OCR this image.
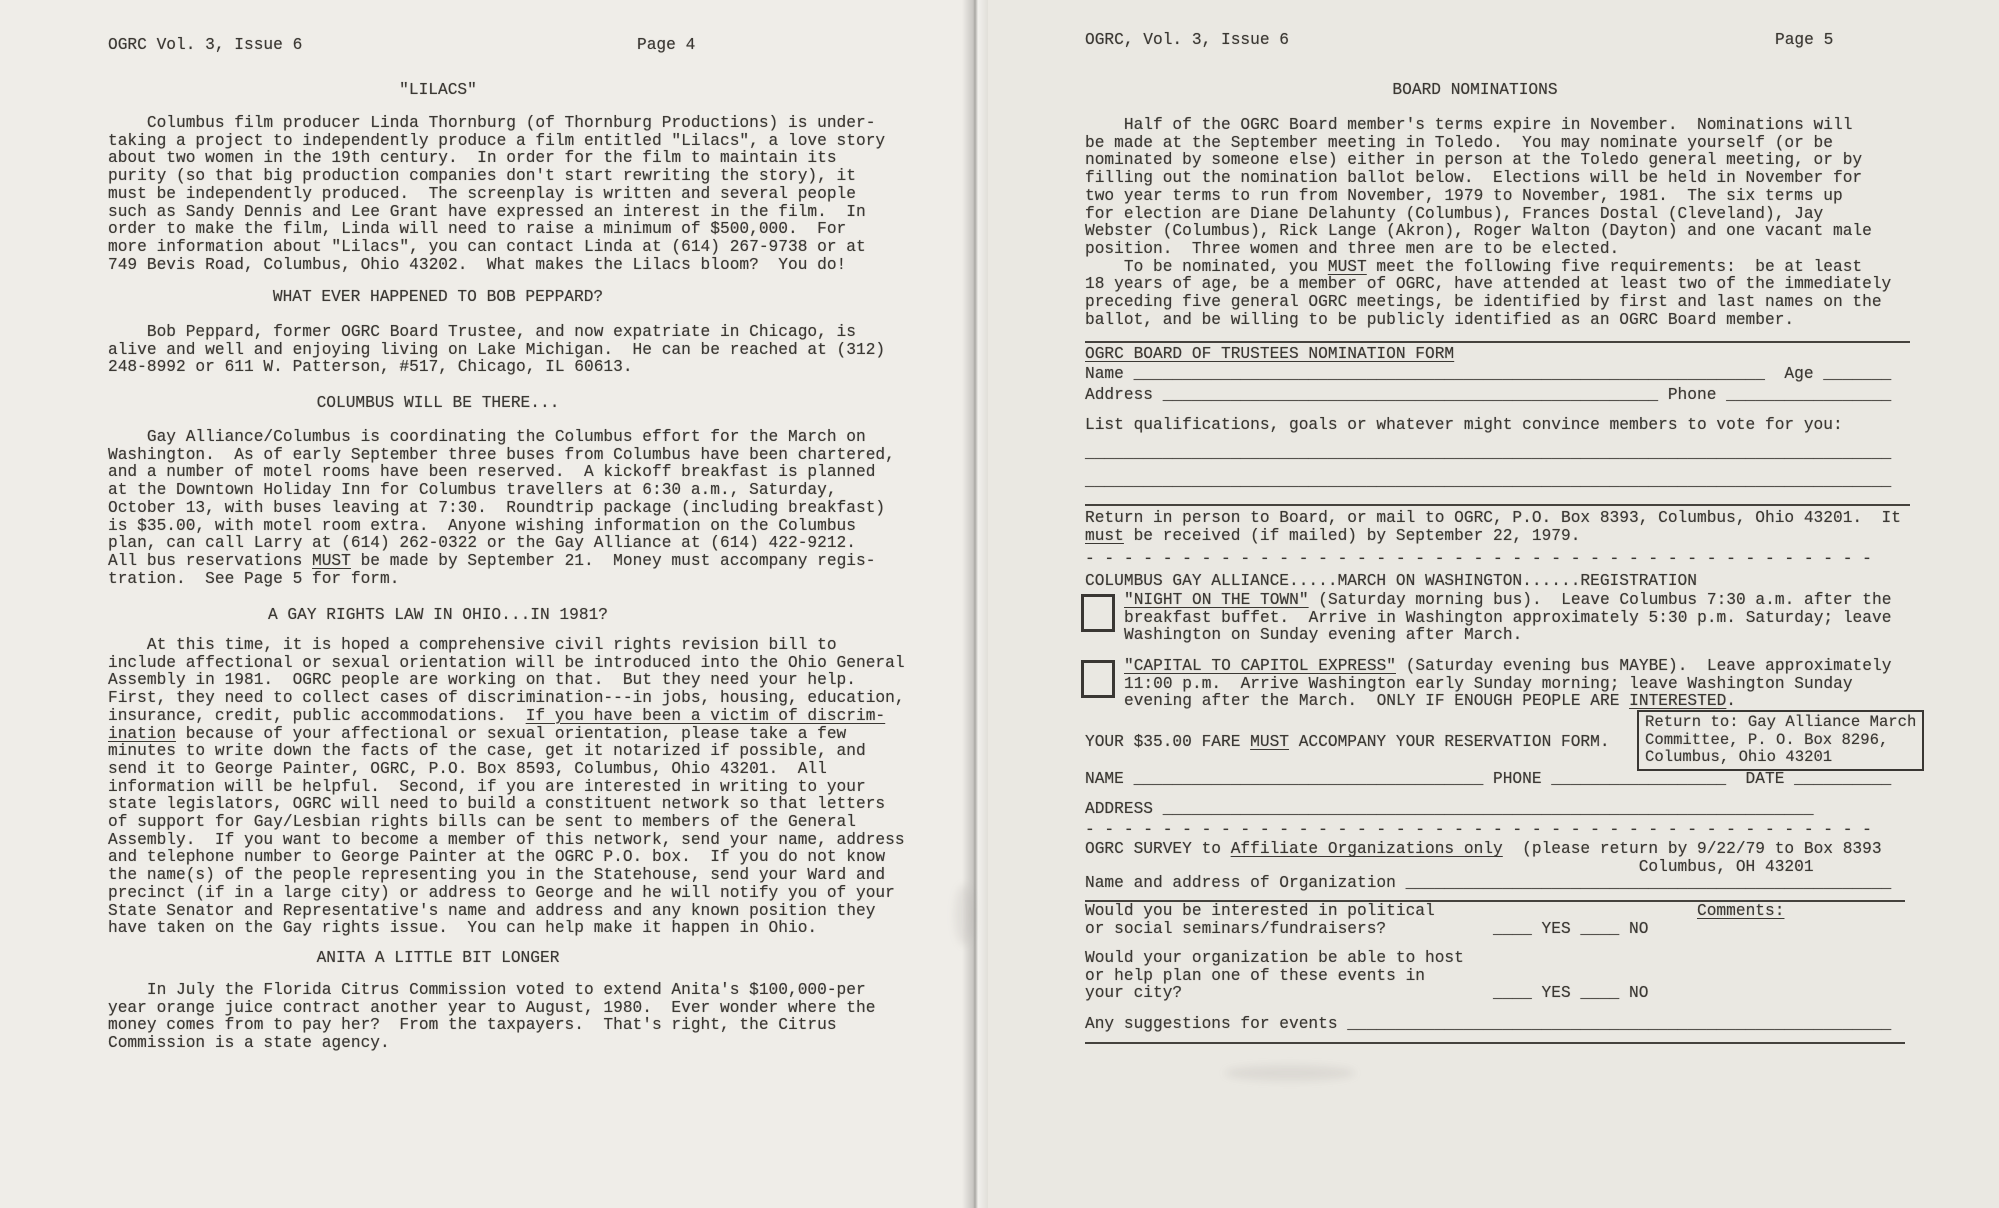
OGRC Vol. 3, Issue 6	Page 4
"LILACS"
Columbus film producer Linda Thornburg (of Thornburg Productions) is under-
taking a project to independently produce a film entitled "Lilacs", a love story
about two women in the 19th century.  In order for the film to maintain its
purity (so that big production companies don't start rewriting the story), it
must be independently produced.  The screenplay is written and several people
such as Sandy Dennis and Lee Grant have expressed an interest in the film.  In
order to make the film, Linda will need to raise a minimum of $500,000.  For
more information about "Lilacs", you can contact Linda at (614) 267-9738 or at
749 Bevis Road, Columbus, Ohio 43202.  What makes the Lilacs bloom?  You do!
WHAT EVER HAPPENED TO BOB PEPPARD?
Bob Peppard, former OGRC Board Trustee, and now expatriate in Chicago, is
alive and well and enjoying living on Lake Michigan.  He can be reached at (312)
248-8992 or 611 W. Patterson, #517, Chicago, IL 60613.
COLUMBUS WILL BE THERE...
Gay Alliance/Columbus is coordinating the Columbus effort for the March on
Washington.  As of early September three buses from Columbus have been chartered,
and a number of motel rooms have been reserved.  A kickoff breakfast is planned
at the Downtown Holiday Inn for Columbus travellers at 6:30 a.m., Saturday,
October 13, with buses leaving at 7:30.  Roundtrip package (including breakfast)
is $35.00, with motel room extra.  Anyone wishing information on the Columbus
plan, can call Larry at (614) 262-0322 or the Gay Alliance at (614) 422-9212.
All bus reservations MUST be made by September 21.  Money must accompany regis-
tration.  See Page 5 for form.
A GAY RIGHTS LAW IN OHIO...IN 1981?
At this time, it is hoped a comprehensive civil rights revision bill to
include affectional or sexual orientation will be introduced into the Ohio General
Assembly in 1981.  OGRC people are working on that.  But they need your help.
First, they need to collect cases of discrimination---in jobs, housing, education,
insurance, credit, public accommodations.  If you have been a victim of discrim-
ination because of your affectional or sexual orientation, please take a few
minutes to write down the facts of the case, get it notarized if possible, and
send it to George Painter, OGRC, P.O. Box 8593, Columbus, Ohio 43201.  All
information will be helpful.  Second, if you are interested in writing to your
state legislators, OGRC will need to build a constituent network so that letters
of support for Gay/Lesbian rights bills can be sent to members of the General
Assembly.  If you want to become a member of this network, send your name, address
and telephone number to George Painter at the OGRC P.O. box.  If you do not know
the name(s) of the people representing you in the Statehouse, send your Ward and
precinct (if in a large city) or address to George and he will notify you of your
State Senator and Representative's name and address and any known position they
have taken on the Gay rights issue.  You can help make it happen in Ohio.
ANITA A LITTLE BIT LONGER
In July the Florida Citrus Commission voted to extend Anita's $100,000-per
year orange juice contract another year to August, 1980.  Ever wonder where the
money comes from to pay her?  From the taxpayers.  That's right, the Citrus
Commission is a state agency.
OGRC, Vol. 3, Issue 6	Page 5
BOARD NOMINATIONS
Half of the OGRC Board member's terms expire in November.  Nominations will
be made at the September meeting in Toledo.  You may nominate yourself (or be
nominated by someone else) either in person at the Toledo general meeting, or by
filling out the nomination ballot below.  Elections will be held in November for
two year terms to run from November, 1979 to November, 1981.  The six terms up
for election are Diane Delahunty (Columbus), Frances Dostal (Cleveland), Jay
Webster (Columbus), Rick Lange (Akron), Roger Walton (Dayton) and one vacant male
position.  Three women and three men are to be elected.
To be nominated, you MUST meet the following five requirements:  be at least
18 years of age, be a member of OGRC, have attended at least two of the immediately
preceding five general OGRC meetings, be identified by first and last names on the
ballot, and be willing to be publicly identified as an OGRC Board member.
OGRC BOARD OF TRUSTEES NOMINATION FORM
Name _________________________________________________________________  Age _______
Address ___________________________________________________ Phone _________________
List qualifications, goals or whatever might convince members to vote for you:
___________________________________________________________________________________
___________________________________________________________________________________
Return in person to Board, or mail to OGRC, P.O. Box 8393, Columbus, Ohio 43201.  It
must be received (if mailed) by September 22, 1979.
- - - - - - - - - - - - - - - - - - - - - - - - - - - - - - - - - - - - - - - - -
COLUMBUS GAY ALLIANCE.....MARCH ON WASHINGTON......REGISTRATION
"NIGHT ON THE TOWN" (Saturday morning bus).  Leave Columbus 7:30 a.m. after the
breakfast buffet.  Arrive in Washington approximately 5:30 p.m. Saturday; leave
Washington on Sunday evening after March.
"CAPITAL TO CAPITOL EXPRESS" (Saturday evening bus MAYBE).  Leave approximately
11:00 p.m.  Arrive Washington early Sunday morning; leave Washington Sunday
evening after the March.  ONLY IF ENOUGH PEOPLE ARE INTERESTED.
Return to: Gay Alliance March
Committee, P. O. Box 8296,
Columbus, Ohio 43201
YOUR $35.00 FARE MUST ACCOMPANY YOUR RESERVATION FORM.
NAME ____________________________________ PHONE __________________  DATE __________
ADDRESS ___________________________________________________________________
- - - - - - - - - - - - - - - - - - - - - - - - - - - - - - - - - - - - - - - - -
OGRC SURVEY to Affiliate Organizations only  (please return by 9/22/79 to Box 8393
Columbus, OH 43201
Name and address of Organization __________________________________________________
Would you be interested in political                           Comments:
or social seminars/fundraisers?           ____ YES ____ NO
Would your organization be able to host
or help plan one of these events in
your city?                                ____ YES ____ NO
Any suggestions for events ________________________________________________________
